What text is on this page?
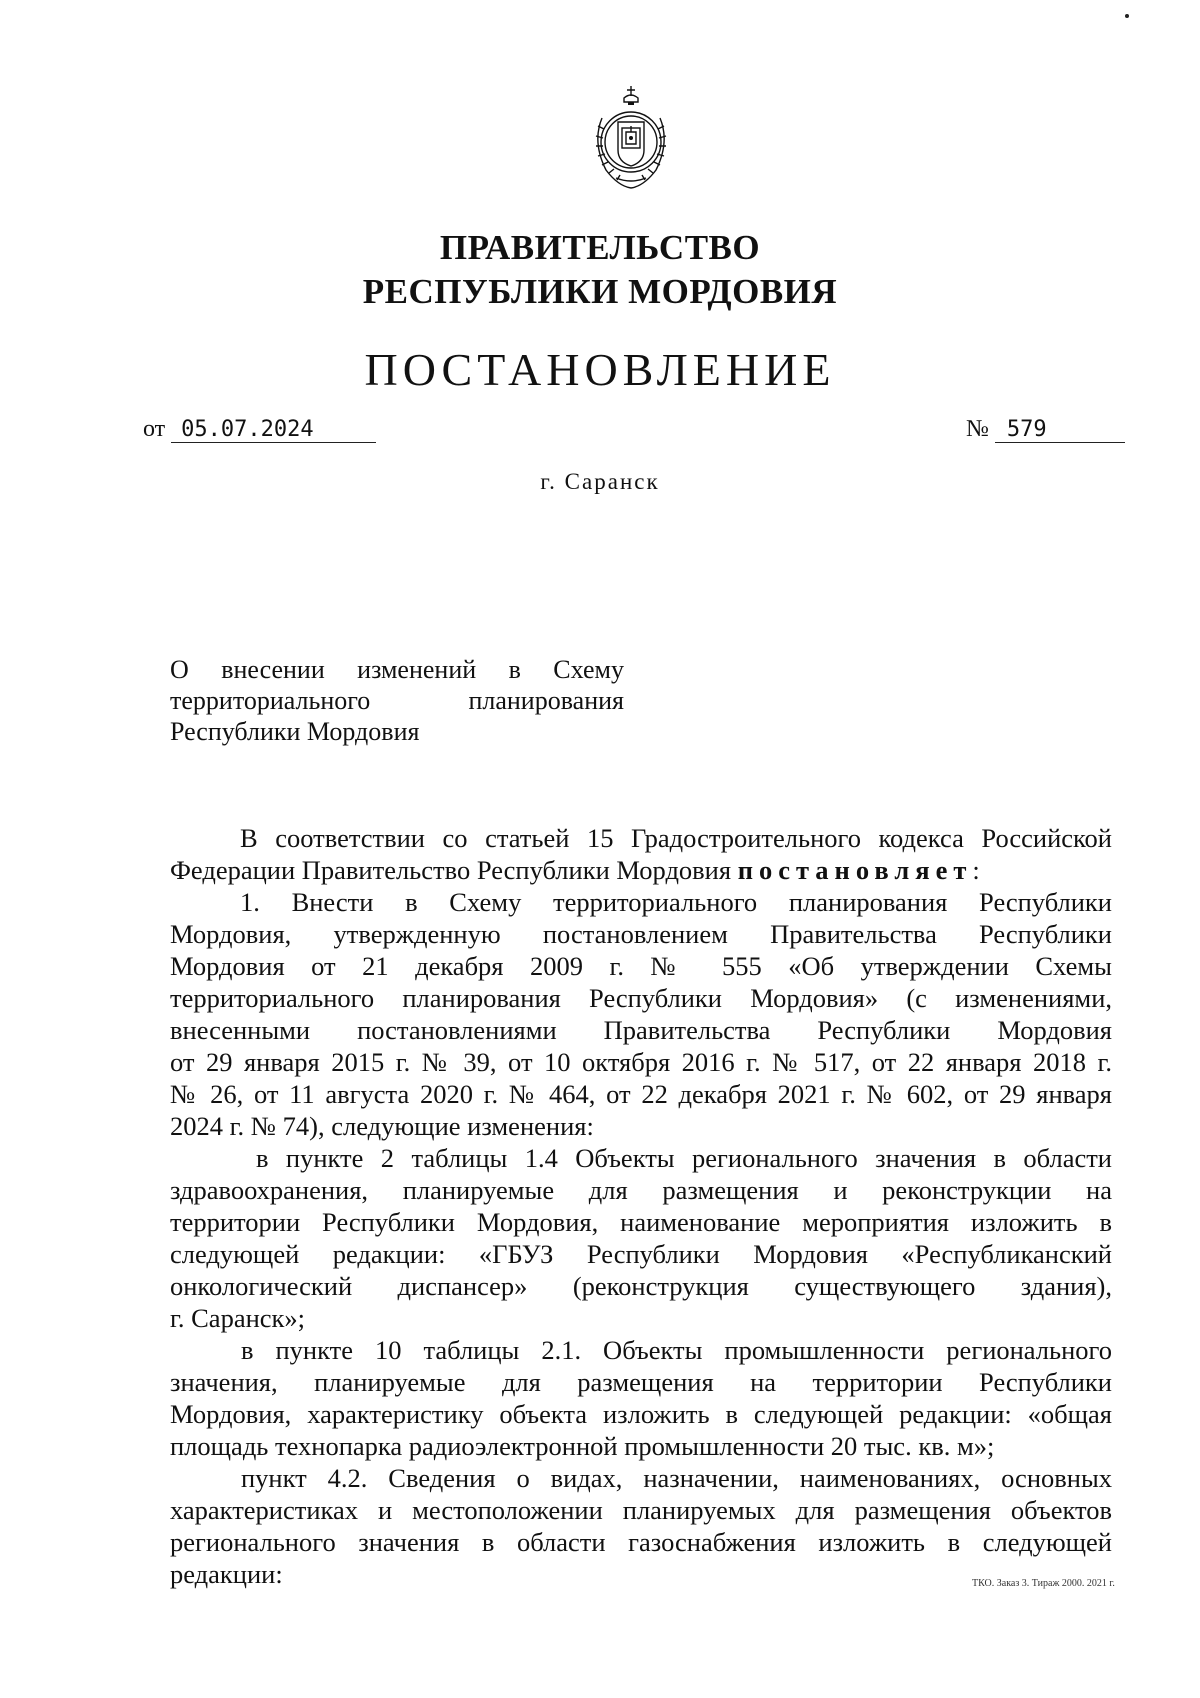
ПРАВИТЕЛЬСТВО
РЕСПУБЛИКИ МОРДОВИЯ
ПОСТАНОВЛЕНИЕ
от 05.07.2024	№ 579
г. Саранск
О внесении изменений в Схему
территориального планирования
Республики Мордовия
В соответствии со статьей 15 Градостроительного кодекса Российской
Федерации Правительство Республики Мордовия постановляет:
1. Внести в Схему территориального планирования Республики
Мордовия, утвержденную постановлением Правительства Республики
Мордовия от 21 декабря 2009 г. № 555 «Об утверждении Схемы
территориального планирования Республики Мордовия» (с изменениями,
внесенными постановлениями Правительства Республики Мордовия
от 29 января 2015 г. № 39, от 10 октября 2016 г. № 517, от 22 января 2018 г.
№ 26, от 11 августа 2020 г. № 464, от 22 декабря 2021 г. № 602, от 29 января
2024 г. № 74), следующие изменения:
в пункте 2 таблицы 1.4 Объекты регионального значения в области
здравоохранения, планируемые для размещения и реконструкции на
территории Республики Мордовия, наименование мероприятия изложить в
следующей редакции: «ГБУЗ Республики Мордовия «Республиканский
онкологический диспансер» (реконструкция существующего здания),
г. Саранск»;
в пункте 10 таблицы 2.1. Объекты промышленности регионального
значения, планируемые для размещения на территории Республики
Мордовия, характеристику объекта изложить в следующей редакции: «общая
площадь технопарка радиоэлектронной промышленности 20 тыс. кв. м»;
пункт 4.2. Сведения о видах, назначении, наименованиях, основных
характеристиках и местоположении планируемых для размещения объектов
регионального значения в области газоснабжения изложить в следующей
редакции:	ТКО. Заказ 3. Тираж 2000. 2021 г.
